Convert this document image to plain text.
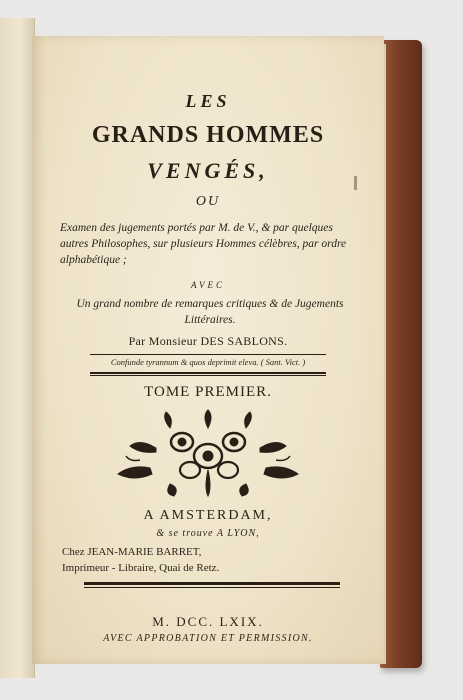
LES
GRANDS HOMMES
VENGÉS,
OU
Examen des jugements portés par M. de V., & par quelques autres Philosophes, sur plusieurs Hommes célèbres, par ordre alphabétique ;
AVEC
Un grand nombre de remarques critiques & de Jugements Littéraires.
Par Monsieur DES SABLONS.
Confunde tyrannum & quos deprimit eleva. ( Sant. Vict. )
TOME PREMIER.
A AMSTERDAM,
& se trouve A LYON,
Chez JEAN-MARIE BARRET,
Imprimeur - Libraire, Quai de Retz.
M. DCC. LXIX.
AVEC APPROBATION ET PERMISSION.
